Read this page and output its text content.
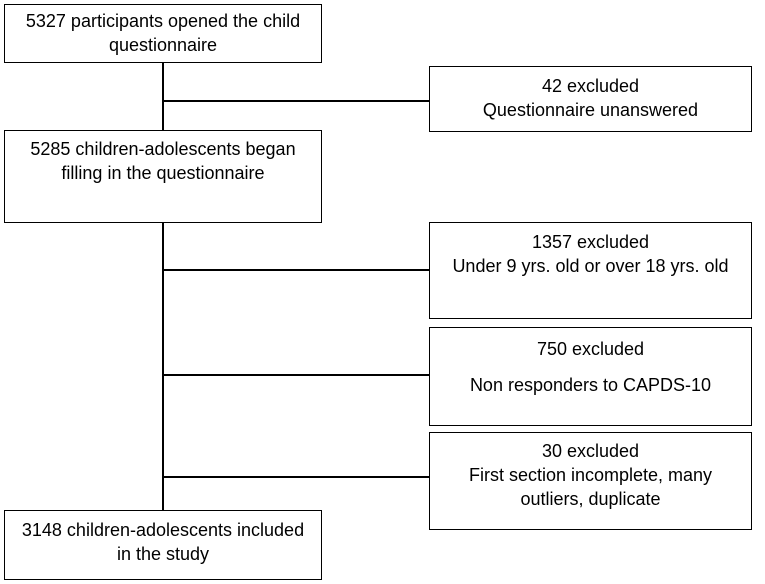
5327 participants opened the child
questionnaire
42 excluded
Questionnaire unanswered
5285 children-adolescents began
filling in the questionnaire
1357 excluded
Under 9 yrs. old or over 18 yrs. old
750 excluded
Non responders to CAPDS-10
30 excluded
First section incomplete, many
outliers, duplicate
3148 children-adolescents included
in the study
